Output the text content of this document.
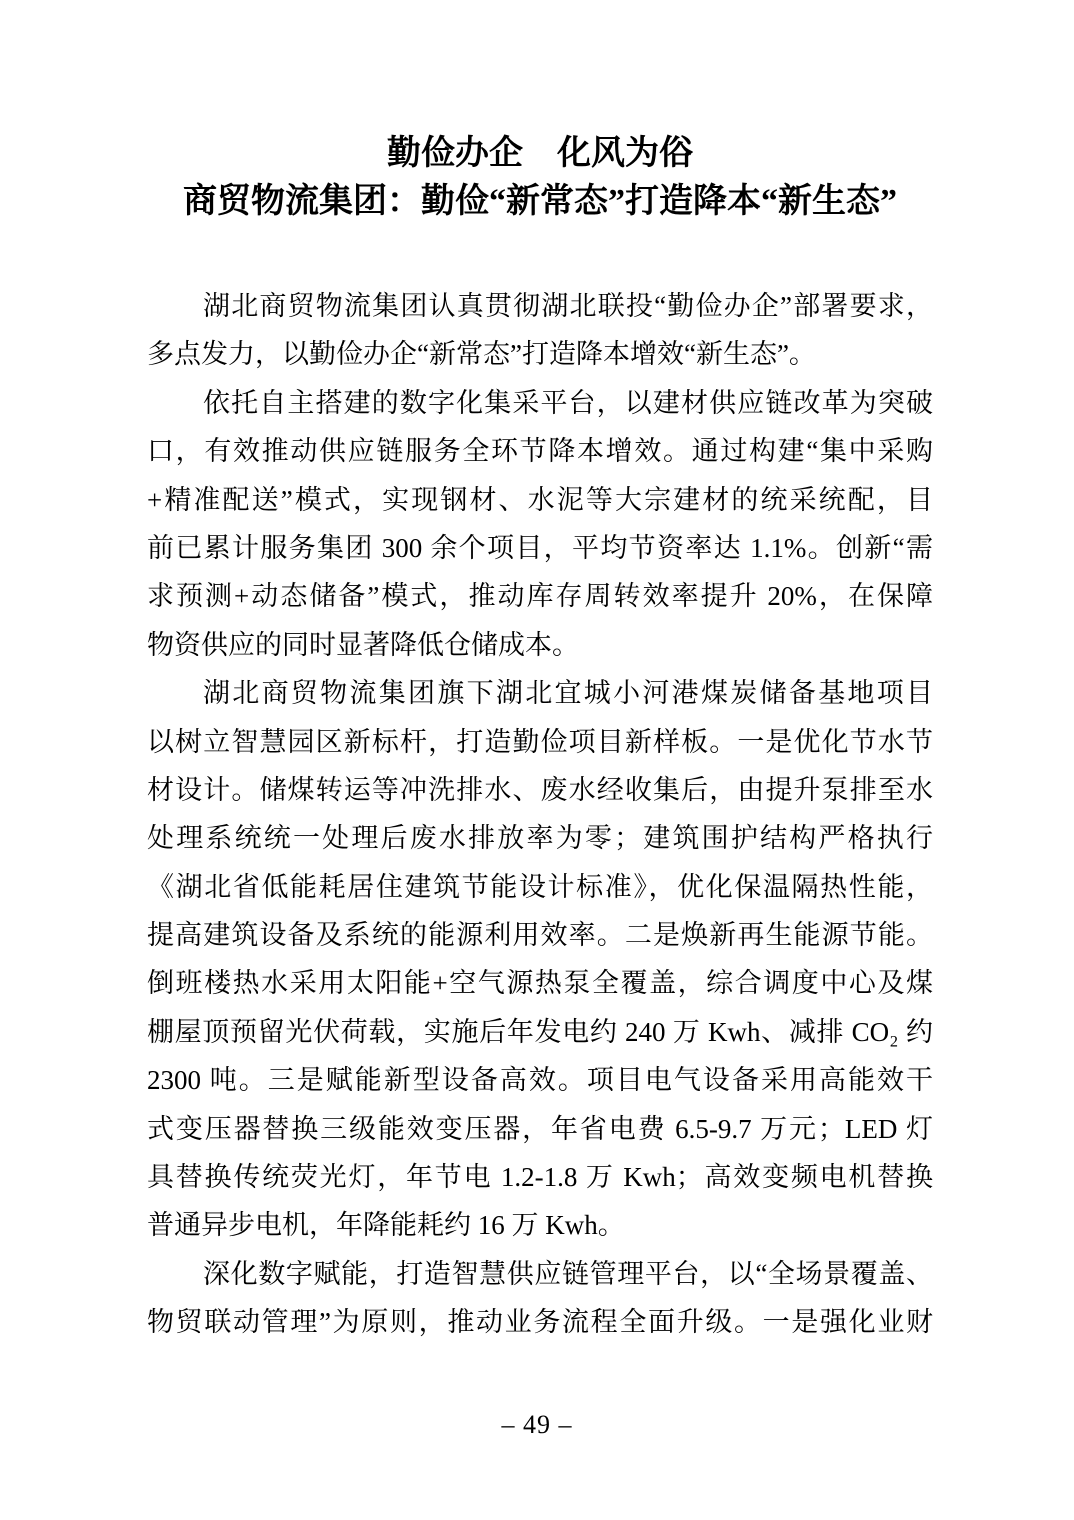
勤俭办企　化风为俗
商贸物流集团：勤俭“新常态”打造降本“新生态”
湖北商贸物流集团认真贯彻湖北联投“勤俭办企”部署要求，
多点发力，以勤俭办企“新常态”打造降本增效“新生态”。
依托自主搭建的数字化集采平台，以建材供应链改革为突破
口，有效推动供应链服务全环节降本增效。通过构建“集中采购
+精准配送”模式，实现钢材、水泥等大宗建材的统采统配，目
前已累计服务集团 300 余个项目，平均节资率达 1.1%。创新“需
求预测+动态储备”模式，推动库存周转效率提升 20%，在保障
物资供应的同时显著降低仓储成本。
湖北商贸物流集团旗下湖北宜城小河港煤炭储备基地项目
以树立智慧园区新标杆，打造勤俭项目新样板。一是优化节水节
材设计。储煤转运等冲洗排水、废水经收集后，由提升泵排至水
处理系统统一处理后废水排放率为零；建筑围护结构严格执行
《湖北省低能耗居住建筑节能设计标准》，优化保温隔热性能，
提高建筑设备及系统的能源利用效率。二是焕新再生能源节能。
倒班楼热水采用太阳能+空气源热泵全覆盖，综合调度中心及煤
棚屋顶预留光伏荷载，实施后年发电约 240 万 Kwh、减排 CO₂ 约
2300 吨。三是赋能新型设备高效。项目电气设备采用高能效干
式变压器替换三级能效变压器，年省电费 6.5-9.7 万元；LED 灯
具替换传统荧光灯，年节电 1.2-1.8 万 Kwh；高效变频电机替换
普通异步电机，年降能耗约 16 万 Kwh。
深化数字赋能，打造智慧供应链管理平台，以“全场景覆盖、
物贸联动管理”为原则，推动业务流程全面升级。一是强化业财
– 49 –
